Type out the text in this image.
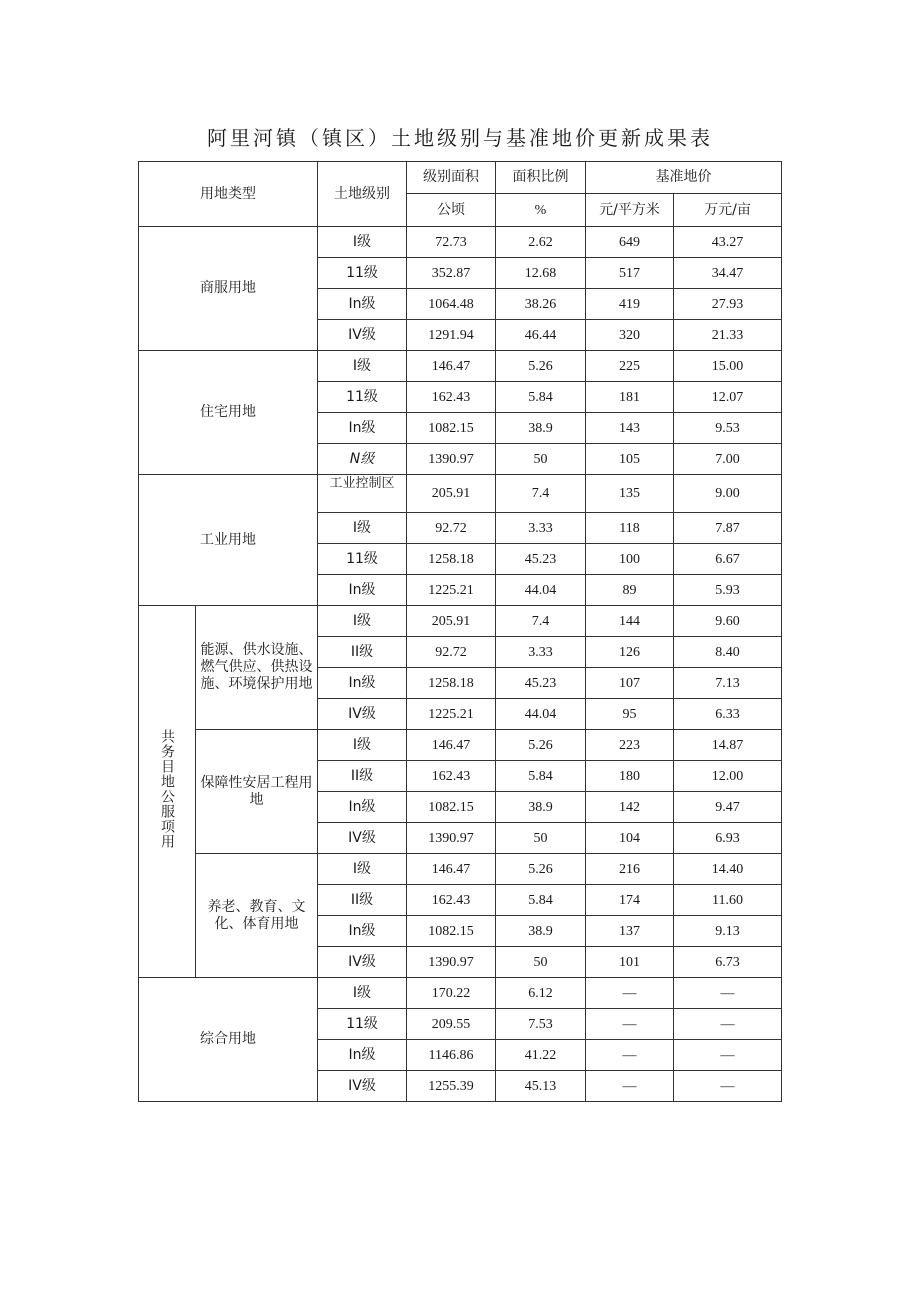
阿里河镇（镇区）土地级别与基准地价更新成果表
用地类型		土地级别	级别面积	面积比例	基准地价	
			公顷	%	元/平方米	万元/亩
商服用地		I级	72.73	2.62	649	43.27
		11级	352.87	12.68	517	34.47
		In级	1064.48	38.26	419	27.93
		IV级	1291.94	46.44	320	21.33
住宅用地		I级	146.47	5.26	225	15.00
		11级	162.43	5.84	181	12.07
		In级	1082.15	38.9	143	9.53
		N级	1390.97	50	105	7.00
工业用地		工业控制区	205.91	7.4	135	9.00
		I级	92.72	3.33	118	7.87
		11级	1258.18	45.23	100	6.67
		In级	1225.21	44.04	89	5.93
共务目地公服项用	能源、供水设施、燃气供应、供热设施、环境保护用地	I级	205.91	7.4	144	9.60
		II级	92.72	3.33	126	8.40
		In级	1258.18	45.23	107	7.13
		IV级	1225.21	44.04	95	6.33
	保障性安居工程用地	I级	146.47	5.26	223	14.87
		II级	162.43	5.84	180	12.00
		In级	1082.15	38.9	142	9.47
		IV级	1390.97	50	104	6.93
	养老、教育、文化、体育用地	I级	146.47	5.26	216	14.40
		II级	162.43	5.84	174	11.60
		In级	1082.15	38.9	137	9.13
		IV级	1390.97	50	101	6.73
综合用地		I级	170.22	6.12	—	—
		11级	209.55	7.53	—	—
		In级	1146.86	41.22	—	—
		IV级	1255.39	45.13	—	—
